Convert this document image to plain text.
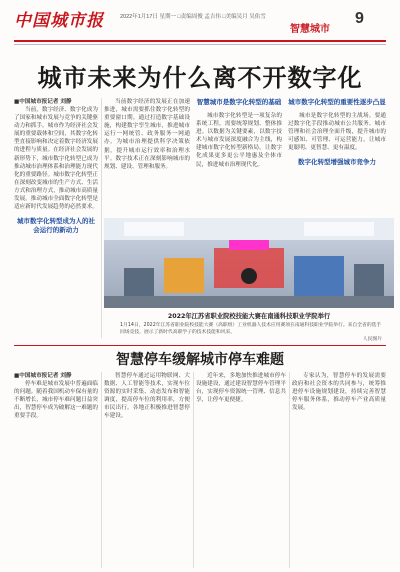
中国城市报	2022年1月17日 星期一 □责编周俊 孟吉伟 □美编吴月 吴佑雪
智慧城市
9
城市未来为什么离不开数字化
■中国城市报记者 刘静

当前，数字经济、数字化成为了国家和城市发展与竞争的关键驱动力和抓手。城市作为经济社会发展的重要载体和空间，其数字化转型直接影响和决定着数字经济发展的进程与质量。在经济社会发展的新形势下，城市数字化转型已成为推动城市治理体系和治理能力现代化的重要路径。城市数字化转型正在深刻改变城市的生产方式、生活方式和治理方式，推动城市高质量发展。推动城市全面数字化转型是适应新时代发展趋势的必然要求。

城市数字化转型成为人的社会运行的新动力

当前数字经济的发展正在加速推进，城市需要抓住数字化转型的重要窗口期。通过打造数字基础设施，构建数字孪生城市，推进城市运行一网统管、政务服务一网通办，为城市治理提供科学决策依据，提升城市运行效率和治理水平。数字技术正在深刻影响城市的规划、建设、管理和服务。

智慧城市是数字化转型的基础

城市数字化转型是一项复杂的系统工程，需要统筹规划、整体推进。以数据为关键要素，以数字技术与城市发展深度融合为主线，构建城市数字化转型新格局，让数字化成果更多更公平地惠及全体市民，推进城市治理现代化。

城市数字化转型的重要性逐步凸显

城市是数字化转型的主战场。要通过数字化手段推动城市公共服务、城市管理和社会治理全面升级，提升城市的可感知、可管理、可运营能力，让城市更聪明、更智慧、更有温度。

数字化转型增强城市竞争力
2022年江苏省职业院校技能大赛在南通科技职业学院举行
1月14日，2022年江苏省职业院校技能大赛（高职组）工业机器人技术应用赛项在南通科技职业学院举行。来自全省的选手同场竞技，展示了新时代高职学子的技术技能和风采。
人民图片
智慧停车缓解城市停车难题
■中国城市报记者 刘静

停车难是城市发展中普遍面临的问题。随着我国机动车保有量的不断增长，城市停车难问题日益突出，智慧停车成为破解这一难题的重要手段。

智慧停车通过运用物联网、大数据、人工智能等技术，实现车位资源的实时采集、动态发布和智能调度，提高停车位的利用率，方便市民出行。各地正积极推进智慧停车建设。

近年来，多地加快推进城市停车设施建设，通过建设智慧停车管理平台，实现停车资源统一管理、信息共享，让停车更便捷。

专家认为，智慧停车的发展需要政府和社会资本的共同参与，统筹推进停车设施规划建设，持续完善智慧停车服务体系，推动停车产业高质量发展。
